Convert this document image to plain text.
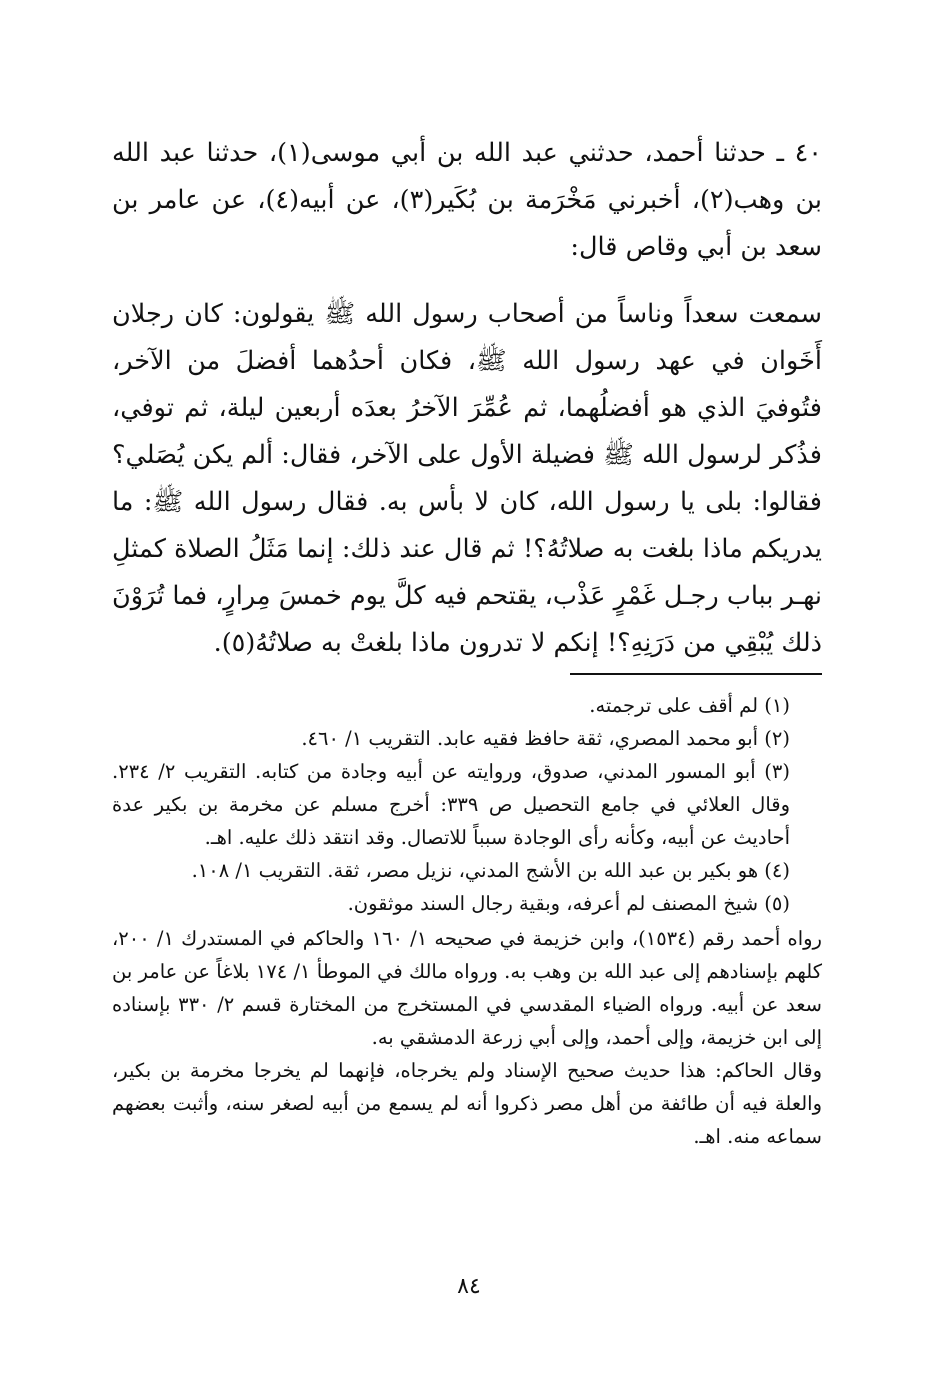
٤٠ ـ حدثنا أحمد، حدثني عبد الله بن أبي موسى(١)، حدثنا عبد الله بن وهب(٢)، أخبرني مَخْرَمة بن بُكَير(٣)، عن أبيه(٤)، عن عامر بن سعد بن أبي وقاص قال:

سمعت سعداً وناساً من أصحاب رسول الله ﷺ يقولون: كان رجلان أَخَوان في عهد رسول الله ﷺ، فكان أحدُهما أفضلَ من الآخر، فتُوفيَ الذي هو أفضلُهما، ثم عُمِّرَ الآخرُ بعدَه أربعين ليلة، ثم توفي، فذُكر لرسول الله ﷺ فضيلة الأول على الآخر، فقال: ألم يكن يُصَلي؟ فقالوا: بلى يا رسول الله، كان لا بأس به. فقال رسول الله ﷺ: ما يدريكم ماذا بلغت به صلاتُهُ؟! ثم قال عند ذلك: إنما مَثَلُ الصلاة كمثلِ نهـر بباب رجـل غَمْرٍ عَذْب، يقتحم فيه كلَّ يوم خمسَ مِرارٍ، فما تُرَوْنَ ذلك يُبْقِي من دَرَنِهِ؟! إنكم لا تدرون ماذا بلغتْ به صلاتُهُ(٥).

(١) لم أقف على ترجمته.

(٢) أبو محمد المصري، ثقة حافظ فقيه عابد. التقريب ١/ ٤٦٠.

(٣) أبو المسور المدني، صدوق، وروايته عن أبيه وجادة من كتابه. التقريب ٢/ ٢٣٤. وقال العلائي في جامع التحصيل ص ٣٣٩: أخرج مسلم عن مخرمة بن بكير عدة أحاديث عن أبيه، وكأنه رأى الوجادة سبباً للاتصال. وقد انتقد ذلك عليه. اهـ.

(٤) هو بكير بن عبد الله بن الأشج المدني، نزيل مصر، ثقة. التقريب ١/ ١٠٨.

(٥) شيخ المصنف لم أعرفه، وبقية رجال السند موثقون.

رواه أحمد رقم (١٥٣٤)، وابن خزيمة في صحيحه ١/ ١٦٠ والحاكم في المستدرك ١/ ٢٠٠، كلهم بإسنادهم إلى عبد الله بن وهب به. ورواه مالك في الموطأ ١/ ١٧٤ بلاغاً عن عامر بن سعد عن أبيه. ورواه الضياء المقدسي في المستخرج من المختارة قسم ٢/ ٣٣٠ بإسناده إلى ابن خزيمة، وإلى أحمد، وإلى أبي زرعة الدمشقي به.

وقال الحاكم: هذا حديث صحيح الإسناد ولم يخرجاه، فإنهما لم يخرجا مخرمة بن بكير، والعلة فيه أن طائفة من أهل مصر ذكروا أنه لم يسمع من أبيه لصغر سنه، وأثبت بعضهم سماعه منه. اهـ.

٨٤
